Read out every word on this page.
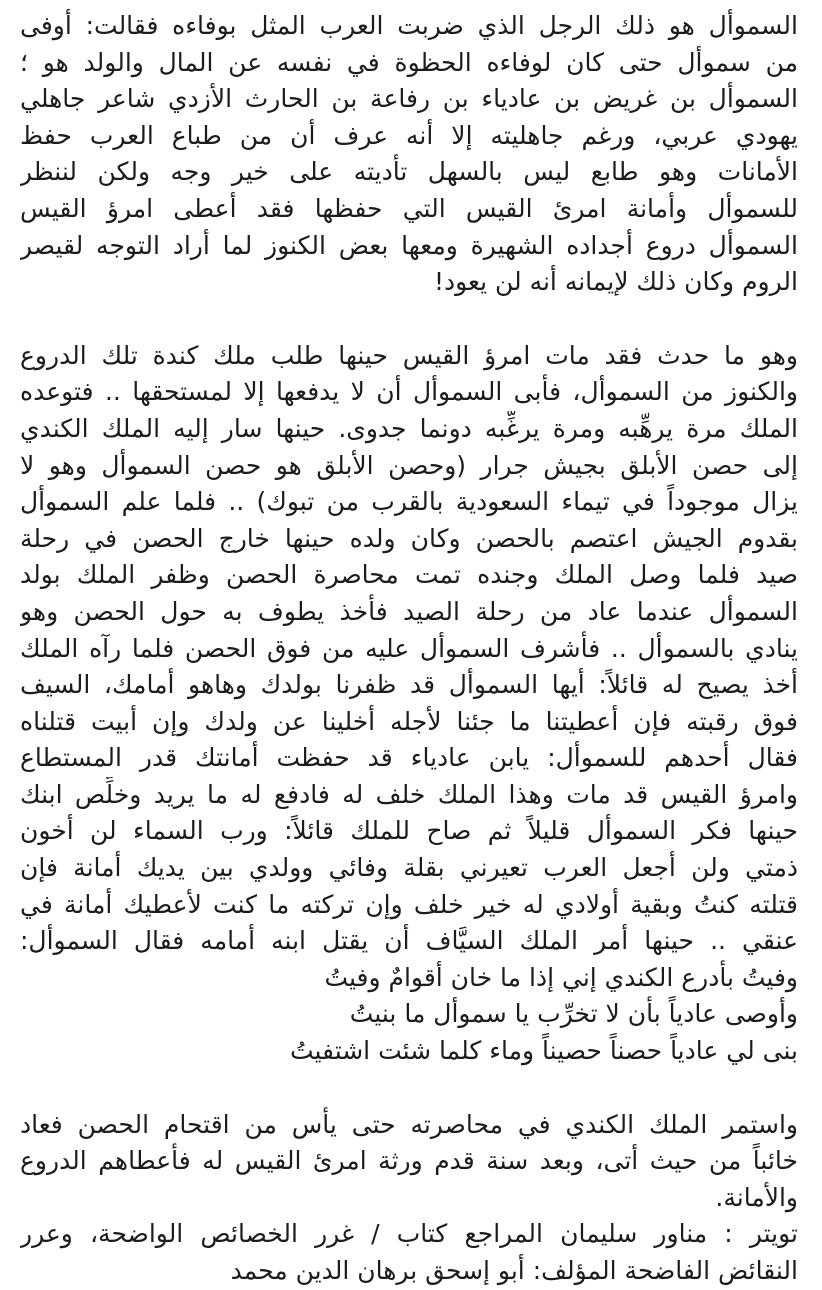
السموأل هو ذلك الرجل الذي ضربت العرب المثل بوفاءه فقالت: أوفى
من سموأل حتى كان لوفاءه الحظوة في نفسه عن المال والولد هو ؛
السموأل بن غريض بن عادياء بن رفاعة بن الحارث الأزدي شاعر جاهلي
يهودي عربي، ورغم جاهليته إلا أنه عرف أن من طباع العرب حفظ
الأمانات وهو طابع ليس بالسهل تأديته على خير وجه ولكن لننظر
للسموأل وأمانة امرئ القيس التي حفظها فقد أعطى امرؤ القيس
السموأل دروع أجداده الشهيرة ومعها بعض الكنوز لما أراد التوجه لقيصر
الروم وكان ذلك لإيمانه أنه لن يعود!
وهو ما حدث فقد مات امرؤ القيس حينها طلب ملك كندة تلك الدروع
والكنوز من السموأل، فأبى السموأل أن لا يدفعها إلا لمستحقها .. فتوعده
الملك مرة يرهِّبه ومرة يرغِّبه دونما جدوى. حينها سار إليه الملك الكندي
إلى حصن الأبلق بجيش جرار (وحصن الأبلق هو حصن السموأل وهو لا
يزال موجوداً في تيماء السعودية بالقرب من تبوك) .. فلما علم السموأل
بقدوم الجيش اعتصم بالحصن وكان ولده حينها خارج الحصن في رحلة
صيد فلما وصل الملك وجنده تمت محاصرة الحصن وظفر الملك بولد
السموأل عندما عاد من رحلة الصيد فأخذ يطوف به حول الحصن وهو
ينادي بالسموأل .. فأشرف السموأل عليه من فوق الحصن فلما رآه الملك
أخذ يصيح له قائلاً: أيها السموأل قد ظفرنا بولدك وهاهو أمامك، السيف
فوق رقبته فإن أعطيتنا ما جئنا لأجله أخلينا عن ولدك وإن أبيت قتلناه
فقال أحدهم للسموأل: يابن عادياء قد حفظت أمانتك قدر المستطاع
وامرؤ القيس قد مات وهذا الملك خلف له فادفع له ما يريد وخلِّص ابنك
حينها فكر السموأل قليلاً ثم صاح للملك قائلاً: ورب السماء لن أخون
ذمتي ولن أجعل العرب تعيرني بقلة وفائي وولدي بين يديك أمانة فإن
قتلته كنتُ وبقية أولادي له خير خلف وإن تركته ما كنت لأعطيك أمانة في
عنقي .. حينها أمر الملك السيَّاف أن يقتل ابنه أمامه فقال السموأل:
وفيتُ بأدرع الكندي إني إذا ما خان أقوامٌ وفيتُ
وأوصى عادياً بأن لا تخرِّب يا سموأل ما بنيتُ
بنى لي عادياً حصناً حصيناً وماء كلما شئت اشتفيتُ
واستمر الملك الكندي في محاصرته حتى يأس من اقتحام الحصن فعاد
خائباً من حيث أتى، وبعد سنة قدم ورثة امرئ القيس له فأعطاهم الدروع
والأمانة.
تويتر : مناور سليمان المراجع كتاب / غرر الخصائص الواضحة، وعرر
النقائض الفاضحة المؤلف: أبو إسحق برهان الدين محمد
